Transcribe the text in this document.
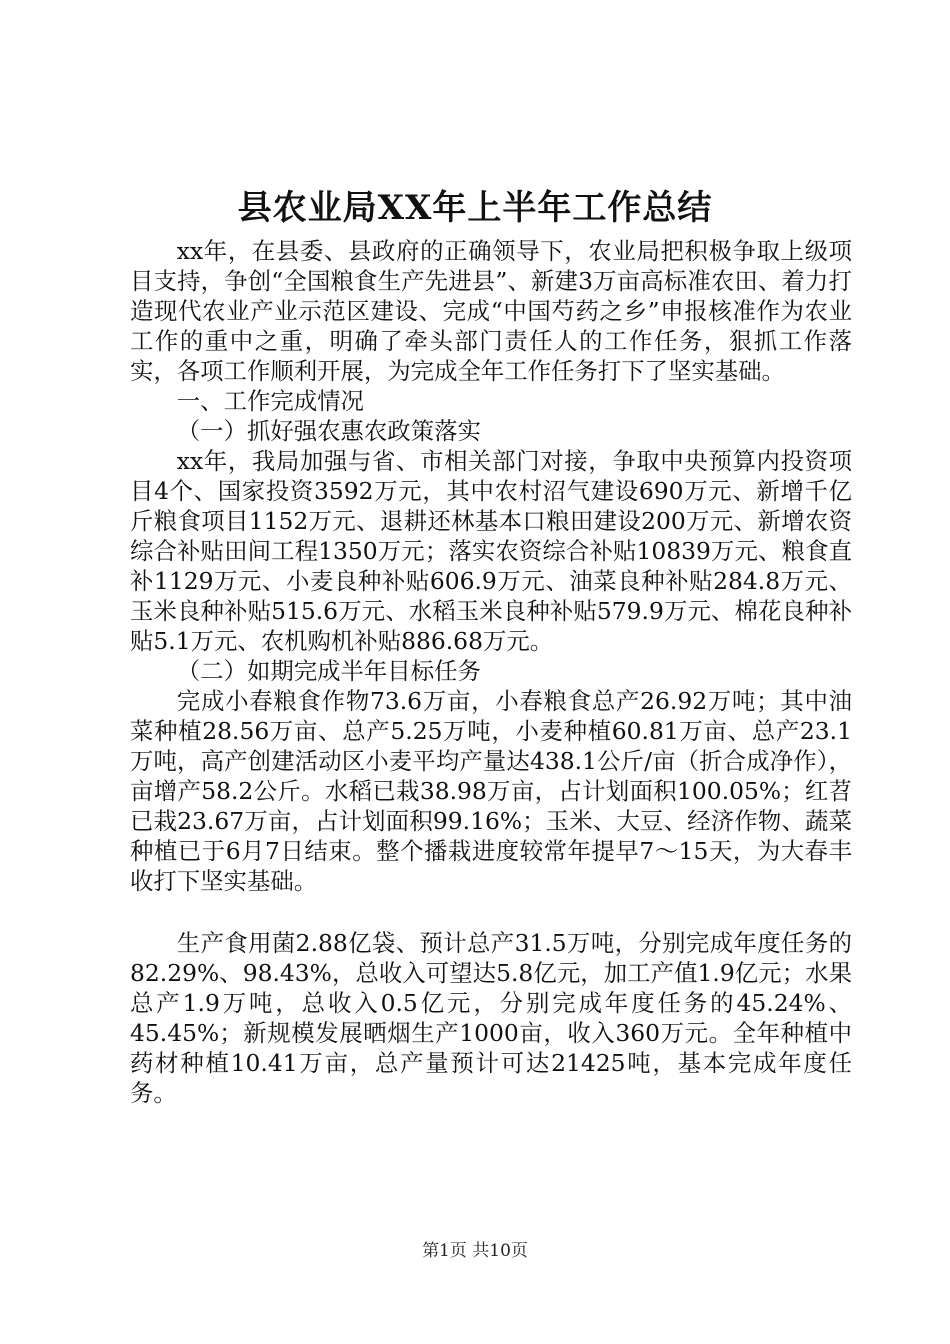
县农业局XX年上半年工作总结

xx年，在县委、县政府的正确领导下，农业局把积极争取上级项目支持，争创“全国粮食生产先进县”、新建3万亩高标准农田、着力打造现代农业产业示范区建设、完成“中国芍药之乡”申报核准作为农业工作的重中之重，明确了牵头部门责任人的工作任务，狠抓工作落实，各项工作顺利开展，为完成全年工作任务打下了坚实基础。

一、工作完成情况

（一）抓好强农惠农政策落实

xx年，我局加强与省、市相关部门对接，争取中央预算内投资项目4个、国家投资3592万元，其中农村沼气建设690万元、新增千亿斤粮食项目1152万元、退耕还林基本口粮田建设200万元、新增农资综合补贴田间工程1350万元；落实农资综合补贴10839万元、粮食直补1129万元、小麦良种补贴606.9万元、油菜良种补贴284.8万元、玉米良种补贴515.6万元、水稻玉米良种补贴579.9万元、棉花良种补贴5.1万元、农机购机补贴886.68万元。

（二）如期完成半年目标任务

完成小春粮食作物73.6万亩，小春粮食总产26.92万吨；其中油菜种植28.56万亩、总产5.25万吨，小麦种植60.81万亩、总产23.1万吨，高产创建活动区小麦平均产量达438.1公斤/亩（折合成净作），亩增产58.2公斤。水稻已栽38.98万亩，占计划面积100.05%；红苕已栽23.67万亩，占计划面积99.16%；玉米、大豆、经济作物、蔬菜种植已于6月7日结束。整个播栽进度较常年提早7～15天，为大春丰收打下坚实基础。

生产食用菌2.88亿袋、预计总产31.5万吨，分别完成年度任务的82.29%、98.43%，总收入可望达5.8亿元，加工产值1.9亿元；水果总产1.9万吨，总收入0.5亿元，分别完成年度任务的45.24%、45.45%；新规模发展晒烟生产1000亩，收入360万元。全年种植中药材种植10.41万亩，总产量预计可达21425吨，基本完成年度任务。

第1页 共10页
